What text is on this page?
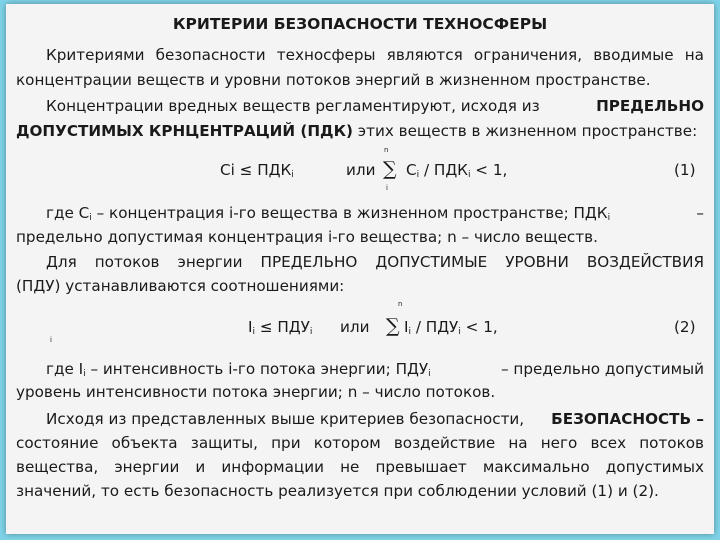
КРИТЕРИИ БЕЗОПАСНОСТИ ТЕХНОСФЕРЫ
Критериями безопасности техносферы являются ограничения, вводимые на
концентрации веществ и уровни потоков энергий в жизненном пространстве.
Концентрации вредных веществ регламентируют, исходя из	ПРЕДЕЛЬНО
ДОПУСТИМЫХ КРНЦЕНТРАЦИЙ (ПДК) этих веществ в жизненном пространстве:
n
$Ci \le ПДК_i$	или ∑ $C_i / ПДК_i < 1$,
i
(1)
где $C_i$ – концентрация i-го вещества в жизненном пространстве; $ПДК_i$	–
предельно допустимая концентрация i-го вещества; n – число веществ.
Для потоков энергии ПРЕДЕЛЬНО ДОПУСТИМЫЕ УРОВНИ ВОЗДЕЙСТВИЯ
(ПДУ) устанавливаются соотношениями:
n
$I_i \le ПДУ_i$ или ∑ $I_i / ПДУ_i < 1$,
i
(2)
где $I_i$ – интенсивность i-го потока энергии; $ПДУ_i$	– предельно допустимый
уровень интенсивности потока энергии; n – число потоков.
Исходя из представленных выше критериев безопасности, БЕЗОПАСНОСТЬ –
состояние объекта защиты, при котором воздействие на него всех потоков
вещества, энергии и информации не превышает максимально допустимых
значений, то есть безопасность реализуется при соблюдении условий (1) и (2).
